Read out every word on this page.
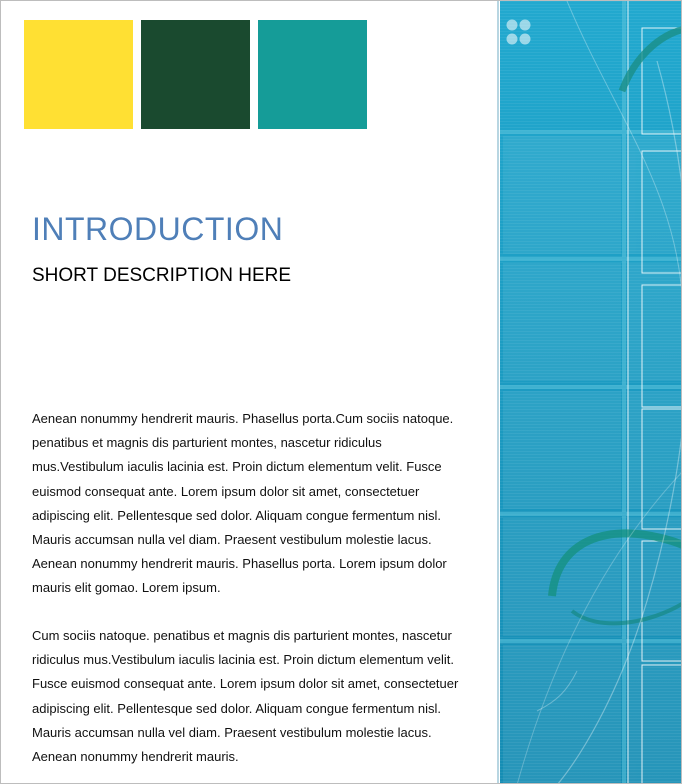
INTRODUCTION
SHORT DESCRIPTION HERE

Aenean nonummy hendrerit mauris. Phasellus porta.Cum sociis natoque. penatibus et magnis dis parturient montes, nascetur ridiculus mus.Vestibulum iaculis lacinia est. Proin dictum elementum velit. Fusce euismod consequat ante. Lorem ipsum dolor sit amet, consectetuer adipiscing elit. Pellentesque sed dolor. Aliquam congue fermentum nisl. Mauris accumsan nulla vel diam. Praesent vestibulum molestie lacus. Aenean nonummy hendrerit mauris. Phasellus porta. Lorem ipsum dolor mauris elit gomao. Lorem ipsum.

Cum sociis natoque. penatibus et magnis dis parturient montes, nascetur ridiculus mus.Vestibulum iaculis lacinia est. Proin dictum elementum velit. Fusce euismod consequat ante. Lorem ipsum dolor sit amet, consectetuer adipiscing elit. Pellentesque sed dolor. Aliquam congue fermentum nisl. Mauris accumsan nulla vel diam. Praesent vestibulum molestie lacus. Aenean nonummy hendrerit mauris.
